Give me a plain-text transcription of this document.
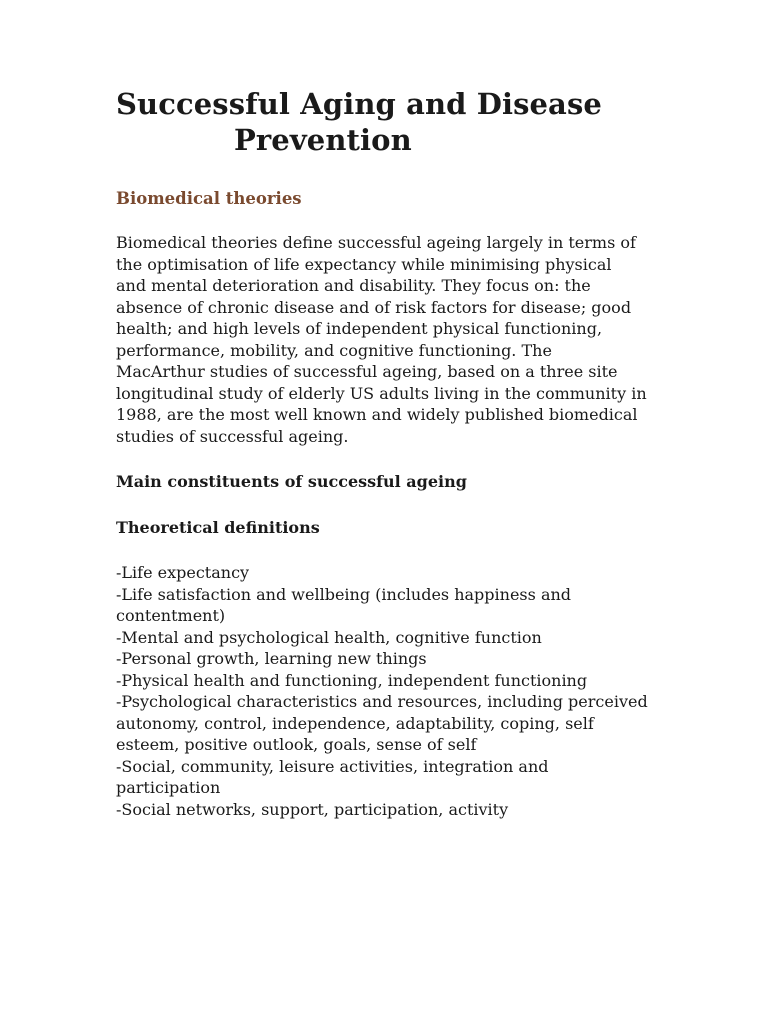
Successful Aging and Disease
Prevention
Biomedical theories

Biomedical theories define successful ageing largely in terms of
the optimisation of life expectancy while minimising physical
and mental deterioration and disability. They focus on: the
absence of chronic disease and of risk factors for disease; good
health; and high levels of independent physical functioning,
performance, mobility, and cognitive functioning. The
MacArthur studies of successful ageing, based on a three site
longitudinal study of elderly US adults living in the community in
1988, are the most well known and widely published biomedical
studies of successful ageing.

Main constituents of successful ageing
Theoretical definitions
-Life expectancy
-Life satisfaction and wellbeing (includes happiness and
contentment)
-Mental and psychological health, cognitive function
-Personal growth, learning new things
-Physical health and functioning, independent functioning
-Psychological characteristics and resources, including perceived
autonomy, control, independence, adaptability, coping, self
esteem, positive outlook, goals, sense of self
-Social, community, leisure activities, integration and
participation
-Social networks, support, participation, activity
